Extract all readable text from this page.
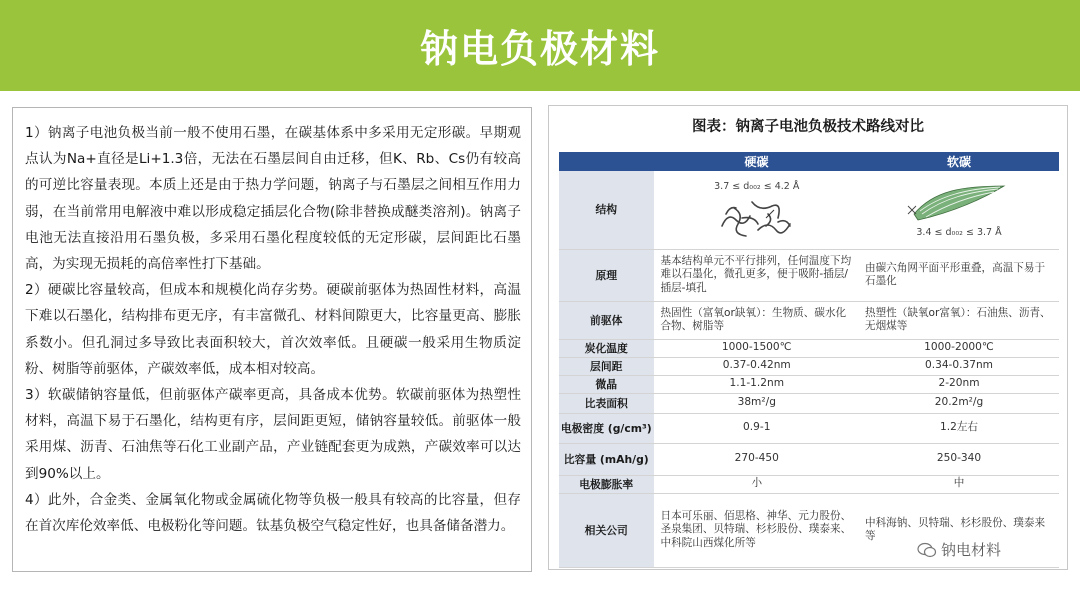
钠电负极材料

1）钠离子电池负极当前一般不使用石墨，在碳基体系中多采用无定形碳。早期观点认为Na+直径是Li+1.3倍，无法在石墨层间自由迁移，但K、Rb、Cs仍有较高的可逆比容量表现。本质上还是由于热力学问题，钠离子与石墨层之间相互作用力弱，在当前常用电解液中难以形成稳定插层化合物(除非替换成醚类溶剂)。钠离子电池无法直接沿用石墨负极，多采用石墨化程度较低的无定形碳，层间距比石墨高，为实现无损耗的高倍率性打下基础。

2）硬碳比容量较高，但成本和规模化尚存劣势。硬碳前驱体为热固性材料，高温下难以石墨化，结构排布更无序，有丰富微孔、材料间隙更大，比容量更高、膨胀系数小。但孔洞过多导致比表面积较大，首次效率低。且硬碳一般采用生物质淀粉、树脂等前驱体，产碳效率低，成本相对较高。

3）软碳储钠容量低，但前驱体产碳率更高，具备成本优势。软碳前驱体为热塑性材料，高温下易于石墨化，结构更有序，层间距更短，储钠容量较低。前驱体一般采用煤、沥青、石油焦等石化工业副产品，产业链配套更为成熟，产碳效率可以达到90%以上。

4）此外，合金类、金属氧化物或金属硫化物等负极一般具有较高的比容量，但存在首次库伦效率低、电极粉化等问题。钛基负极空气稳定性好，也具备储备潜力。

图表：钠离子电池负极技术路线对比
	硬碳	软碳
结构	3.7 ≤ d₀₀₂ ≤ 4.2 Å	3.4 ≤ d₀₀₂ ≤ 3.7 Å

原理	基本结构单元不平行排列，任何温度下均难以石墨化，微孔更多，便于吸附-插层/插层-填孔	由碳六角网平面平形重叠，高温下易于石墨化
前驱体	热固性（富氧or缺氧）：生物质、碳水化合物、树脂等	热塑性（缺氧or富氧）：石油焦、沥青、无烟煤等
炭化温度	1000-1500℃	1000-2000℃
层间距	0.37-0.42nm	0.34-0.37nm
微晶	1.1-1.2nm	2-20nm
比表面积	38m²/g	20.2m²/g
电极密度 (g/cm³)	0.9-1	1.2左右
比容量 (mAh/g)	270-450	250-340
电极膨胀率	小	中
相关公司	日本可乐丽、佰思格、神华、元力股份、圣泉集团、贝特瑞、杉杉股份、璞泰来、中科院山西煤化所等	中科海钠、贝特瑞、杉杉股份、璞泰来等
钠电材料
